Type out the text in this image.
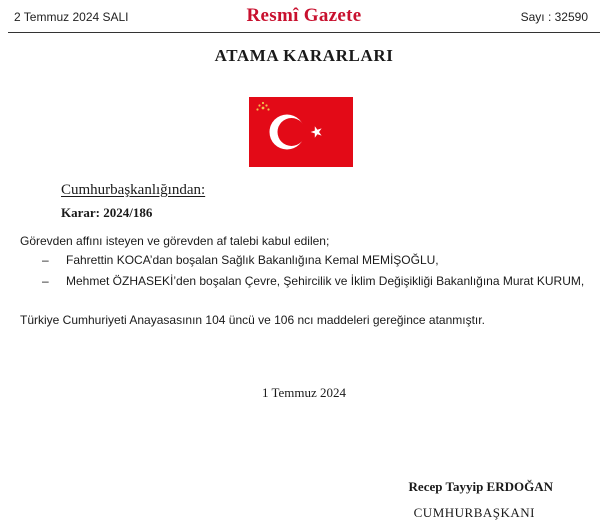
2 Temmuz 2024 SALI	Resmî Gazete	Sayı : 32590
ATAMA KARARLARI
Cumhurbaşkanlığından:
Karar: 2024/186
Görevden affını isteyen ve görevden af talebi kabul edilen;
– Fahrettin KOCA’dan boşalan Sağlık Bakanlığına Kemal MEMİŞOĞLU,
– Mehmet ÖZHASEKİ’den boşalan Çevre, Şehircilik ve İklim Değişikliği Bakanlığına Murat KURUM,
Türkiye Cumhuriyeti Anayasasının 104 üncü ve 106 ncı maddeleri gereğince atanmıştır.
1 Temmuz 2024
Recep Tayyip ERDOĞAN
CUMHURBAŞKANI
